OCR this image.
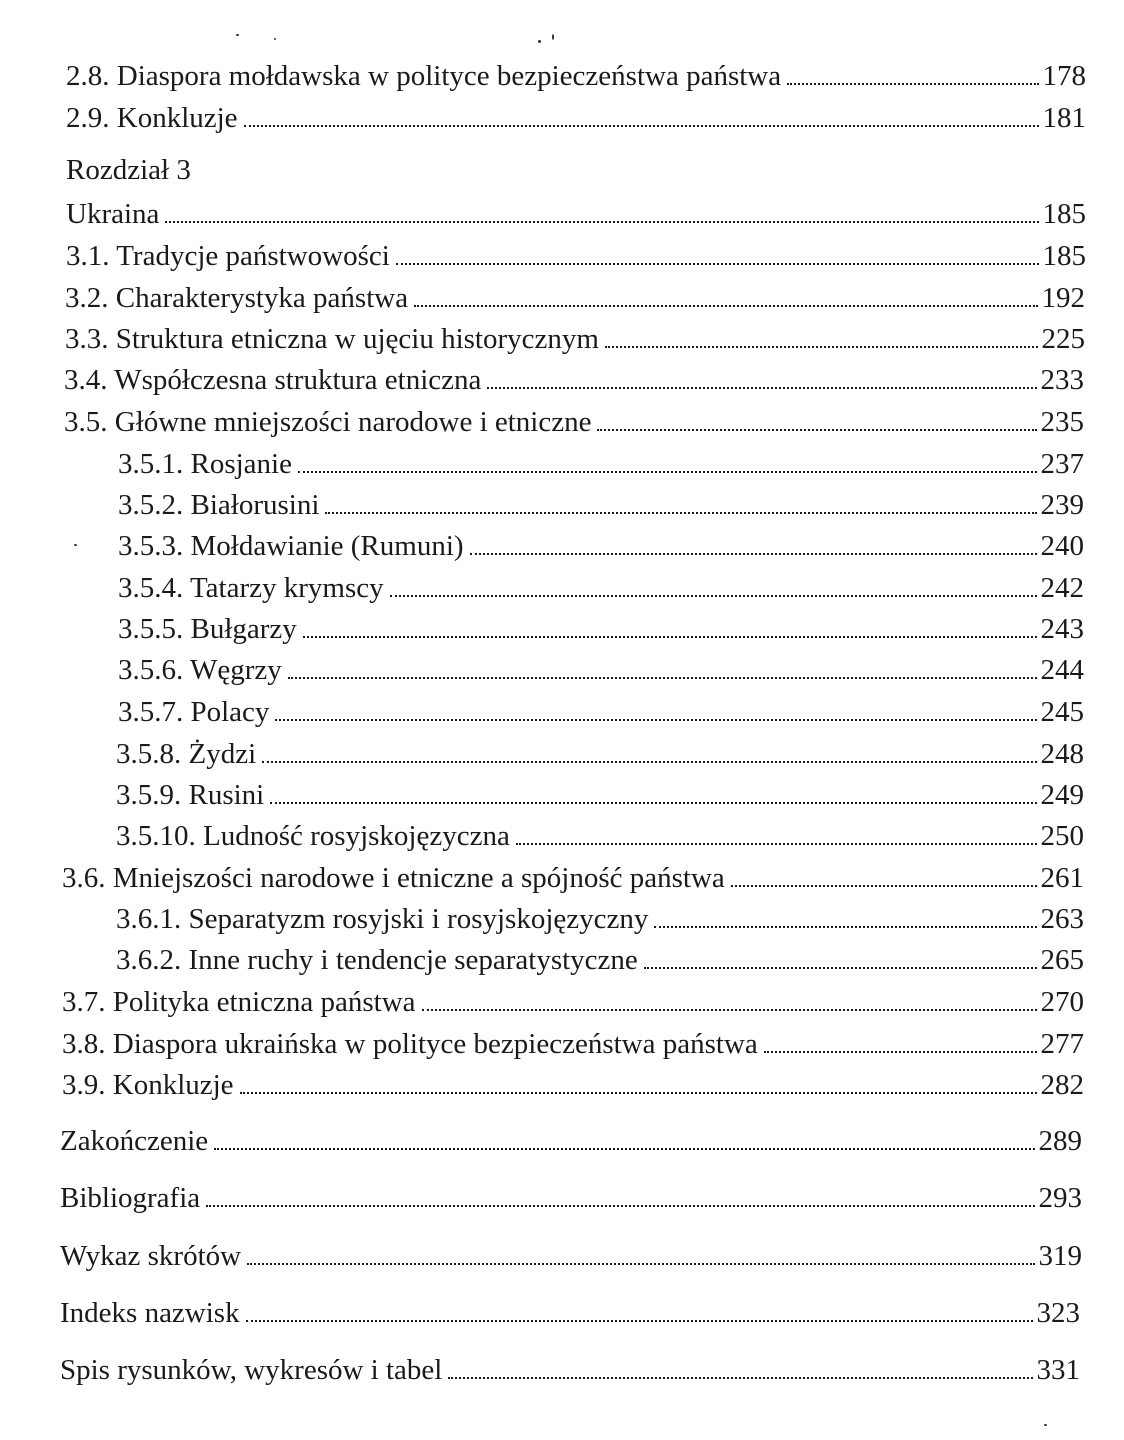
2.8. Diaspora mołdawska w polityce bezpieczeństwa państwa	178
2.9. Konkluzje	181
Rozdział 3
Ukraina	185
3.1. Tradycje państwowości	185
3.2. Charakterystyka państwa	192
3.3. Struktura etniczna w ujęciu historycznym	225
3.4. Współczesna struktura etniczna	233
3.5. Główne mniejszości narodowe i etniczne	235
3.5.1. Rosjanie	237
3.5.2. Białorusini	239
3.5.3. Mołdawianie (Rumuni)	240
3.5.4. Tatarzy krymscy	242
3.5.5. Bułgarzy	243
3.5.6. Węgrzy	244
3.5.7. Polacy	245
3.5.8. Żydzi	248
3.5.9. Rusini	249
3.5.10. Ludność rosyjskojęzyczna	250
3.6. Mniejszości narodowe i etniczne a spójność państwa	261
3.6.1. Separatyzm rosyjski i rosyjskojęzyczny	263
3.6.2. Inne ruchy i tendencje separatystyczne	265
3.7. Polityka etniczna państwa	270
3.8. Diaspora ukraińska w polityce bezpieczeństwa państwa	277
3.9. Konkluzje	282
Zakończenie	289
Bibliografia	293
Wykaz skrótów	319
Indeks nazwisk	323
Spis rysunków, wykresów i tabel	331
